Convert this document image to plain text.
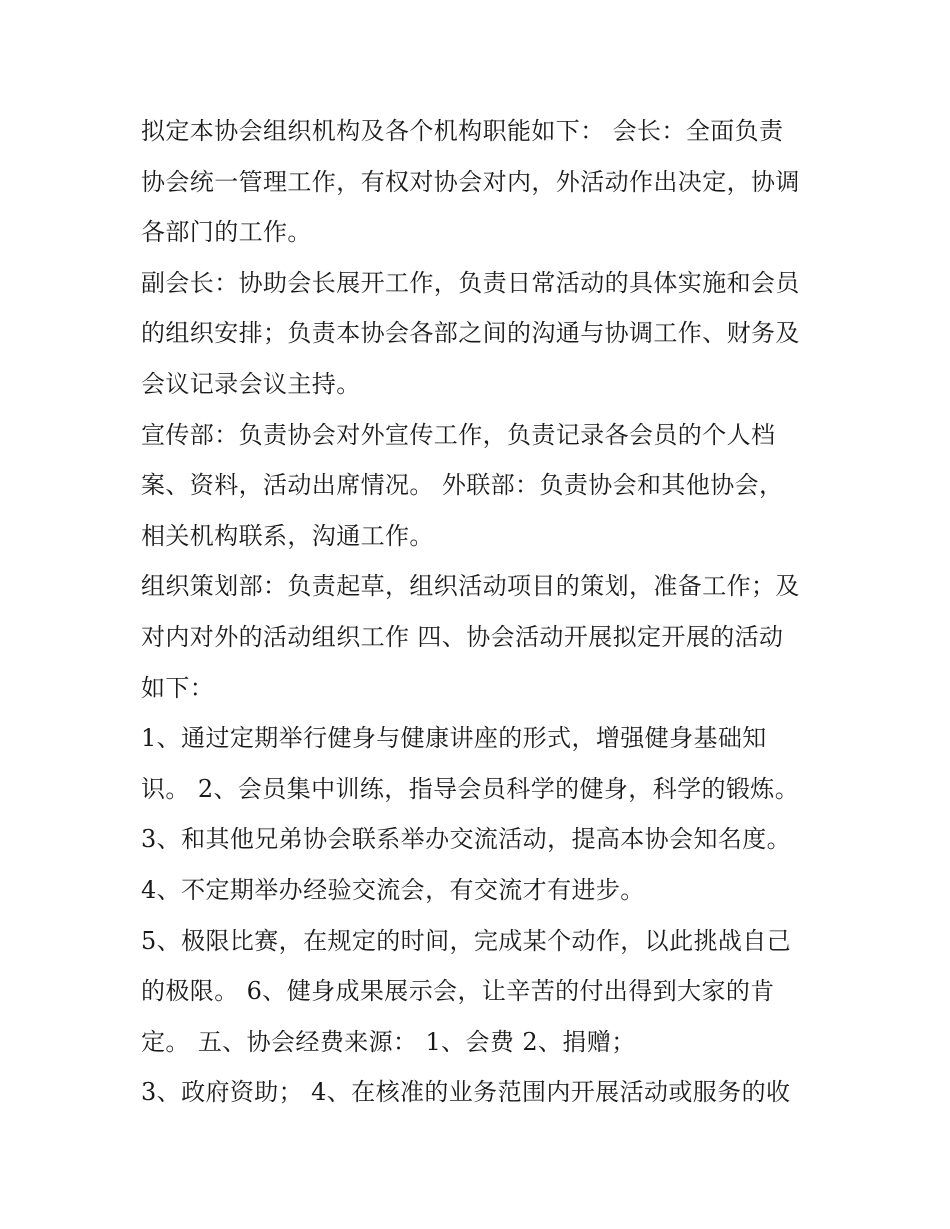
拟定本协会组织机构及各个机构职能如下： 会长：全面负责
协会统一管理工作，有权对协会对内，外活动作出决定，协调
各部门的工作。
副会长：协助会长展开工作，负责日常活动的具体实施和会员
的组织安排；负责本协会各部之间的沟通与协调工作、财务及
会议记录会议主持。
宣传部：负责协会对外宣传工作，负责记录各会员的个人档
案、资料，活动出席情况。 外联部：负责协会和其他协会，
相关机构联系，沟通工作。
组织策划部：负责起草，组织活动项目的策划，准备工作；及
对内对外的活动组织工作 四、协会活动开展拟定开展的活动
如下：
1、通过定期举行健身与健康讲座的形式，增强健身基础知
识。 2、会员集中训练，指导会员科学的健身，科学的锻炼。
3、和其他兄弟协会联系举办交流活动，提高本协会知名度。
4、不定期举办经验交流会，有交流才有进步。
5、极限比赛，在规定的时间，完成某个动作，以此挑战自己
的极限。 6、健身成果展示会，让辛苦的付出得到大家的肯
定。 五、协会经费来源： 1、会费 2、捐赠；
3、政府资助； 4、在核准的业务范围内开展活动或服务的收
